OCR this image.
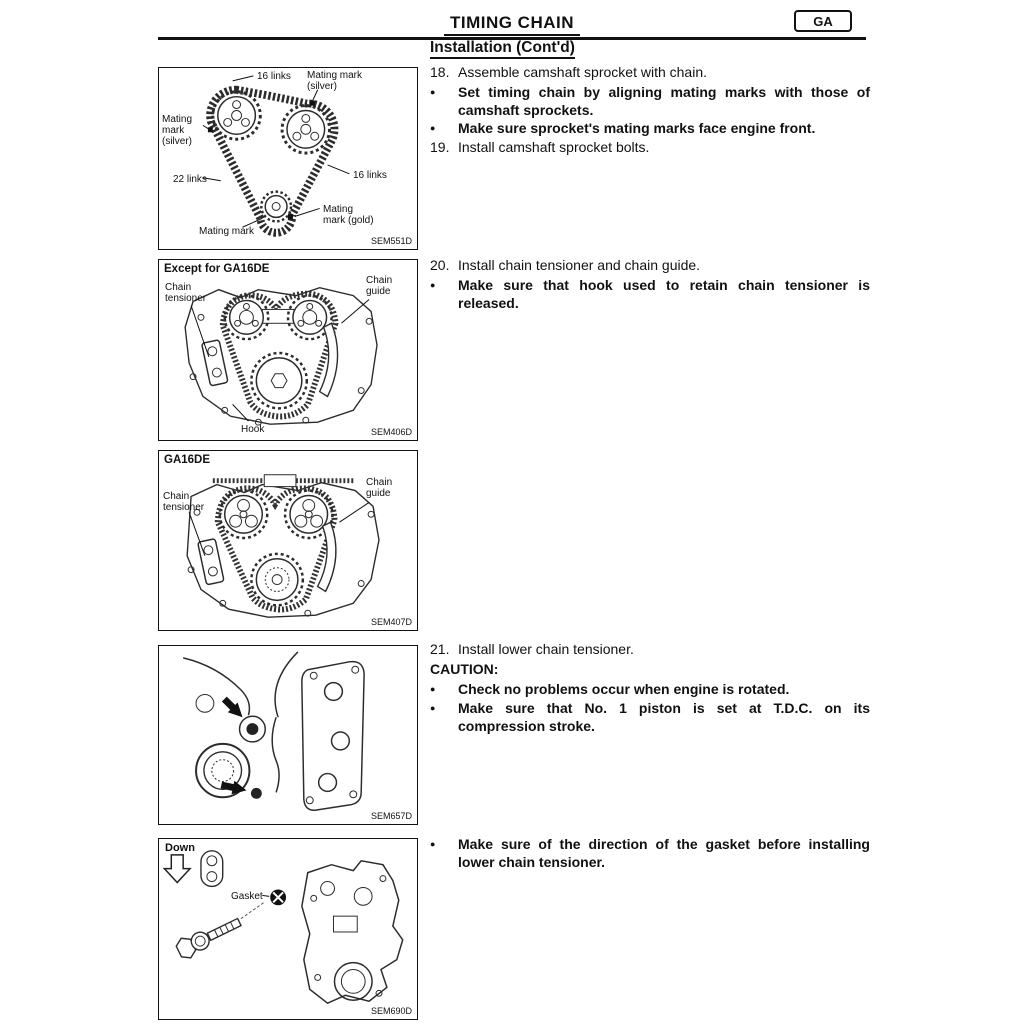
TIMING CHAIN	GA
16 links Mating mark (silver)
Mating mark (silver)
22 links	16 links
Mating mark (gold)
Mating mark
SEM551D
Except for GA16DE
Chain tensioner
Chain guide
Hook	SEM406D
GA16DE
Chain tensioner
Chain guide
SEM407D
SEM657D
Down
Gasket
SEM690D
Installation (Cont'd)
18. Assemble camshaft sprocket with chain.
●	Set timing chain by aligning mating marks with those of camshaft sprockets.
●	Make sure sprocket's mating marks face engine front.
19. Install camshaft sprocket bolts.
20. Install chain tensioner and chain guide.
●	Make sure that hook used to retain chain tensioner is released.
21. Install lower chain tensioner.
CAUTION:
●	Check no problems occur when engine is rotated.
●	Make sure that No. 1 piston is set at T.D.C. on its compression stroke.
●	Make sure of the direction of the gasket before installing lower chain tensioner.
